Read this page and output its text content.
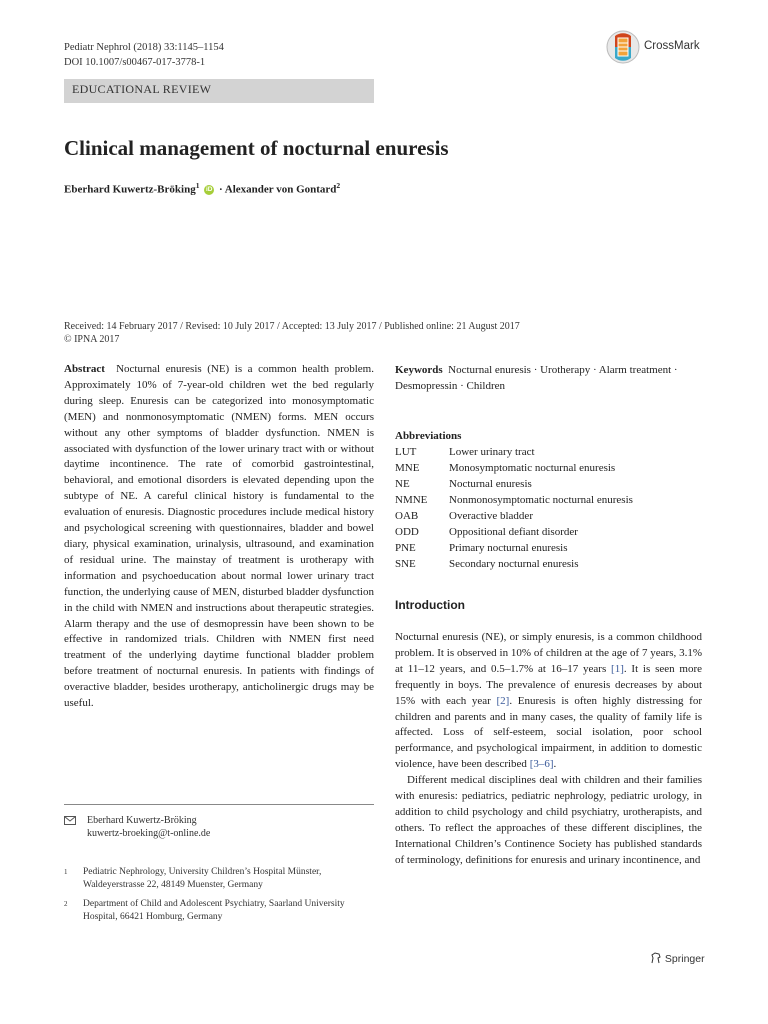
Pediatr Nephrol (2018) 33:1145–1154
DOI 10.1007/s00467-017-3778-1
CrossMark
EDUCATIONAL REVIEW
Clinical management of nocturnal enuresis
Eberhard Kuwertz-Bröking$^1$ iD · Alexander von Gontard$^2$
Received: 14 February 2017 / Revised: 10 July 2017 / Accepted: 13 July 2017 / Published online: 21 August 2017
© IPNA 2017

Abstract Nocturnal enuresis (NE) is a common health problem. Approximately 10% of 7-year-old children wet the bed regularly during sleep. Enuresis can be categorized into monosymptomatic (MEN) and nonmonosymptomatic (NMEN) forms. MEN occurs without any other symptoms of bladder dysfunction. NMEN is associated with dysfunction of the lower urinary tract with or without daytime incontinence. The rate of comorbid gastrointestinal, behavioral, and emotional disorders is elevated depending upon the subtype of NE. A careful clinical history is fundamental to the evaluation of enuresis. Diagnostic procedures include medical history and psychological screening with questionnaires, bladder and bowel diary, physical examination, urinalysis, ultrasound, and examination of residual urine. The mainstay of treatment is urotherapy with information and psychoeducation about normal lower urinary tract function, the underlying cause of MEN, disturbed bladder dysfunction in the child with NMEN and instructions about therapeutic strategies. Alarm therapy and the use of desmopressin have been shown to be effective in randomized trials. Children with NMEN first need treatment of the underlying daytime functional bladder problem before treatment of nocturnal enuresis. In patients with findings of overactive bladder, besides urotherapy, anticholinergic drugs may be useful.

Eberhard Kuwertz-Bröking
kuwertz-broeking@t-online.de
1 Pediatric Nephrology, University Children’s Hospital Münster, Waldeyerstrasse 22, 48149 Muenster, Germany
2 Department of Child and Adolescent Psychiatry, Saarland University Hospital, 66421 Homburg, Germany

Keywords Nocturnal enuresis · Urotherapy · Alarm treatment · Desmopressin · Children

Abbreviations

LUT	Lower urinary tract
MNE	Monosymptomatic nocturnal enuresis
NE	Nocturnal enuresis
NMNE	Nonmonosymptomatic nocturnal enuresis
OAB	Overactive bladder
ODD	Oppositional defiant disorder
PNE	Primary nocturnal enuresis
SNE	Secondary nocturnal enuresis

Introduction

Nocturnal enuresis (NE), or simply enuresis, is a common childhood problem. It is observed in 10% of children at the age of 7 years, 3.1% at 11–12 years, and 0.5–1.7% at 16–17 years [1]. It is seen more frequently in boys. The prevalence of enuresis decreases by about 15% with each year [2]. Enuresis is often highly distressing for children and parents and in many cases, the quality of family life is affected. Loss of self-esteem, social isolation, poor school performance, and psychological impairment, in addition to domestic violence, have been described [3–6].

Different medical disciplines deal with children and their families with enuresis: pediatrics, pediatric nephrology, pediatric urology, in addition to child psychology and child psychiatry, urotherapists, and others. To reflect the approaches of these different disciplines, the International Children’s Continence Society has published standards of terminology, definitions for enuresis and urinary incontinence, and

Springer
